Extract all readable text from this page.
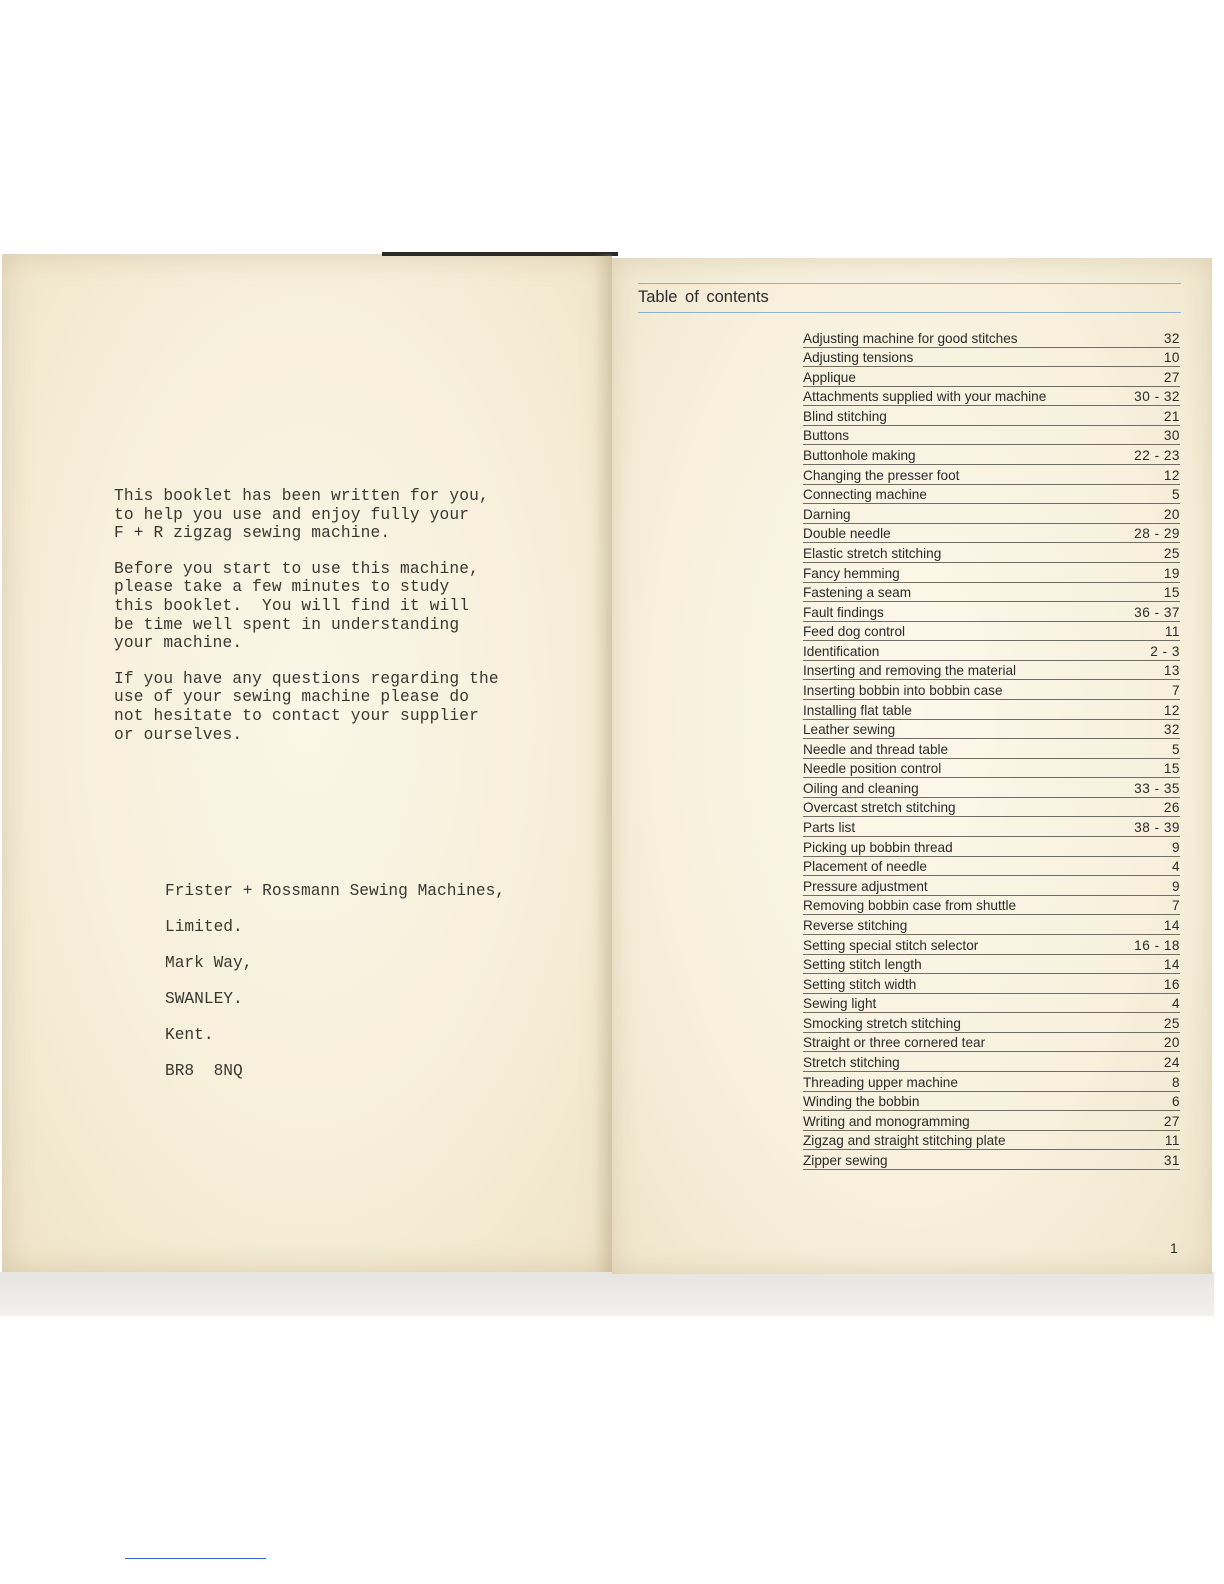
This booklet has been written for you,
to help you use and enjoy fully your
F + R zigzag sewing machine.
Before you start to use this machine,
please take a few minutes to study
this booklet.  You will find it will
be time well spent in understanding
your machine.
If you have any questions regarding the
use of your sewing machine please do
not hesitate to contact your supplier
or ourselves.
Frister + Rossmann Sewing Machines,
Limited.
Mark Way,
SWANLEY.
Kent.
BR8  8NQ
Table of contents
Adjusting machine for good stitches	32
Adjusting tensions	10
Applique	27
Attachments supplied with your machine	30 - 32
Blind stitching	21
Buttons	30
Buttonhole making	22 - 23
Changing the presser foot	12
Connecting machine	5
Darning	20
Double needle	28 - 29
Elastic stretch stitching	25
Fancy hemming	19
Fastening a seam	15
Fault findings	36 - 37
Feed dog control	11
Identification	2 - 3
Inserting and removing the material	13
Inserting bobbin into bobbin case	7
Installing flat table	12
Leather sewing	32
Needle and thread table	5
Needle position control	15
Oiling and cleaning	33 - 35
Overcast stretch stitching	26
Parts list	38 - 39
Picking up bobbin thread	9
Placement of needle	4
Pressure adjustment	9
Removing bobbin case from shuttle	7
Reverse stitching	14
Setting special stitch selector	16 - 18
Setting stitch length	14
Setting stitch width	16
Sewing light	4
Smocking stretch stitching	25
Straight or three cornered tear	20
Stretch stitching	24
Threading upper machine	8
Winding the bobbin	6
Writing and monogramming	27
Zigzag and straight stitching plate	11
Zipper sewing	31
1
